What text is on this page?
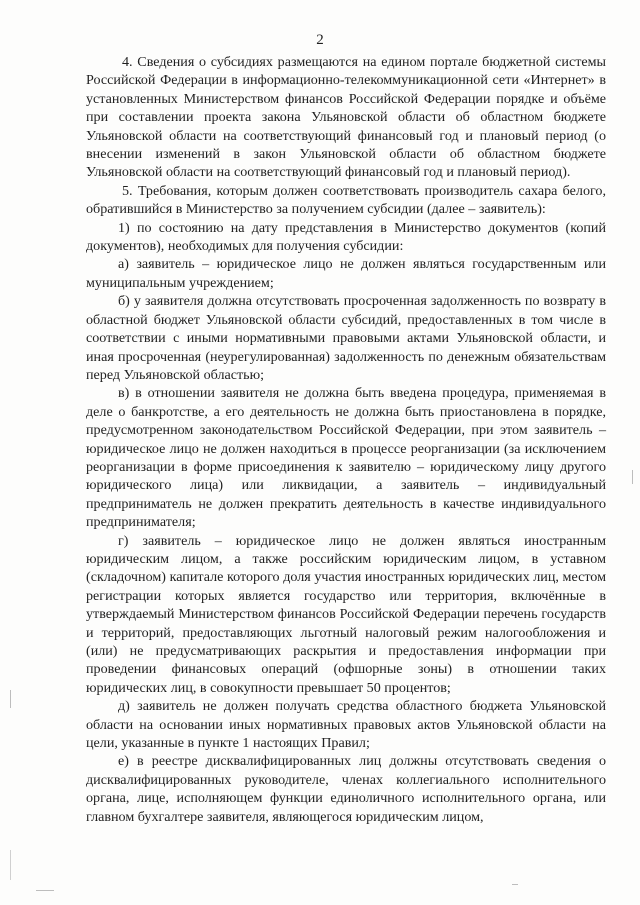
2

4. Сведения о субсидиях размещаются на едином портале бюджетной системы Российской Федерации в информационно-телекоммуникационной сети «Интернет» в установленных Министерством финансов Российской Федерации порядке и объёме при составлении проекта закона Ульяновской области об областном бюджете Ульяновской области на соответствующий финансовый год и плановый период (о внесении изменений в закон Ульяновской области об областном бюджете Ульяновской области на соответствующий финансовый год и плановый период).

5. Требования, которым должен соответствовать производитель сахара белого, обратившийся в Министерство за получением субсидии (далее – заявитель):

1) по состоянию на дату представления в Министерство документов (копий документов), необходимых для получения субсидии:

а) заявитель – юридическое лицо не должен являться государственным или муниципальным учреждением;

б) у заявителя должна отсутствовать просроченная задолженность по возврату в областной бюджет Ульяновской области субсидий, предоставленных в том числе в соответствии с иными нормативными правовыми актами Ульяновской области, и иная просроченная (неурегулированная) задолженность по денежным обязательствам перед Ульяновской областью;

в) в отношении заявителя не должна быть введена процедура, применяемая в деле о банкротстве, а его деятельность не должна быть приостановлена в порядке, предусмотренном законодательством Российской Федерации, при этом заявитель – юридическое лицо не должен находиться в процессе реорганизации (за исключением реорганизации в форме присоединения к заявителю – юридическому лицу другого юридического лица) или ликвидации, а заявитель – индивидуальный предприниматель не должен прекратить деятельность в качестве индивидуального предпринимателя;

г) заявитель – юридическое лицо не должен являться иностранным юридическим лицом, а также российским юридическим лицом, в уставном (складочном) капитале которого доля участия иностранных юридических лиц, местом регистрации которых является государство или территория, включённые в утверждаемый Министерством финансов Российской Федерации перечень государств и территорий, предоставляющих льготный налоговый режим налогообложения и (или) не предусматривающих раскрытия и предоставления информации при проведении финансовых операций (офшорные зоны) в отношении таких юридических лиц, в совокупности превышает 50 процентов;

д) заявитель не должен получать средства областного бюджета Ульяновской области на основании иных нормативных правовых актов Ульяновской области на цели, указанные в пункте 1 настоящих Правил;

е) в реестре дисквалифицированных лиц должны отсутствовать сведения о дисквалифицированных руководителе, членах коллегиального исполнительного органа, лице, исполняющем функции единоличного исполнительного органа, или главном бухгалтере заявителя, являющегося юридическим лицом,
